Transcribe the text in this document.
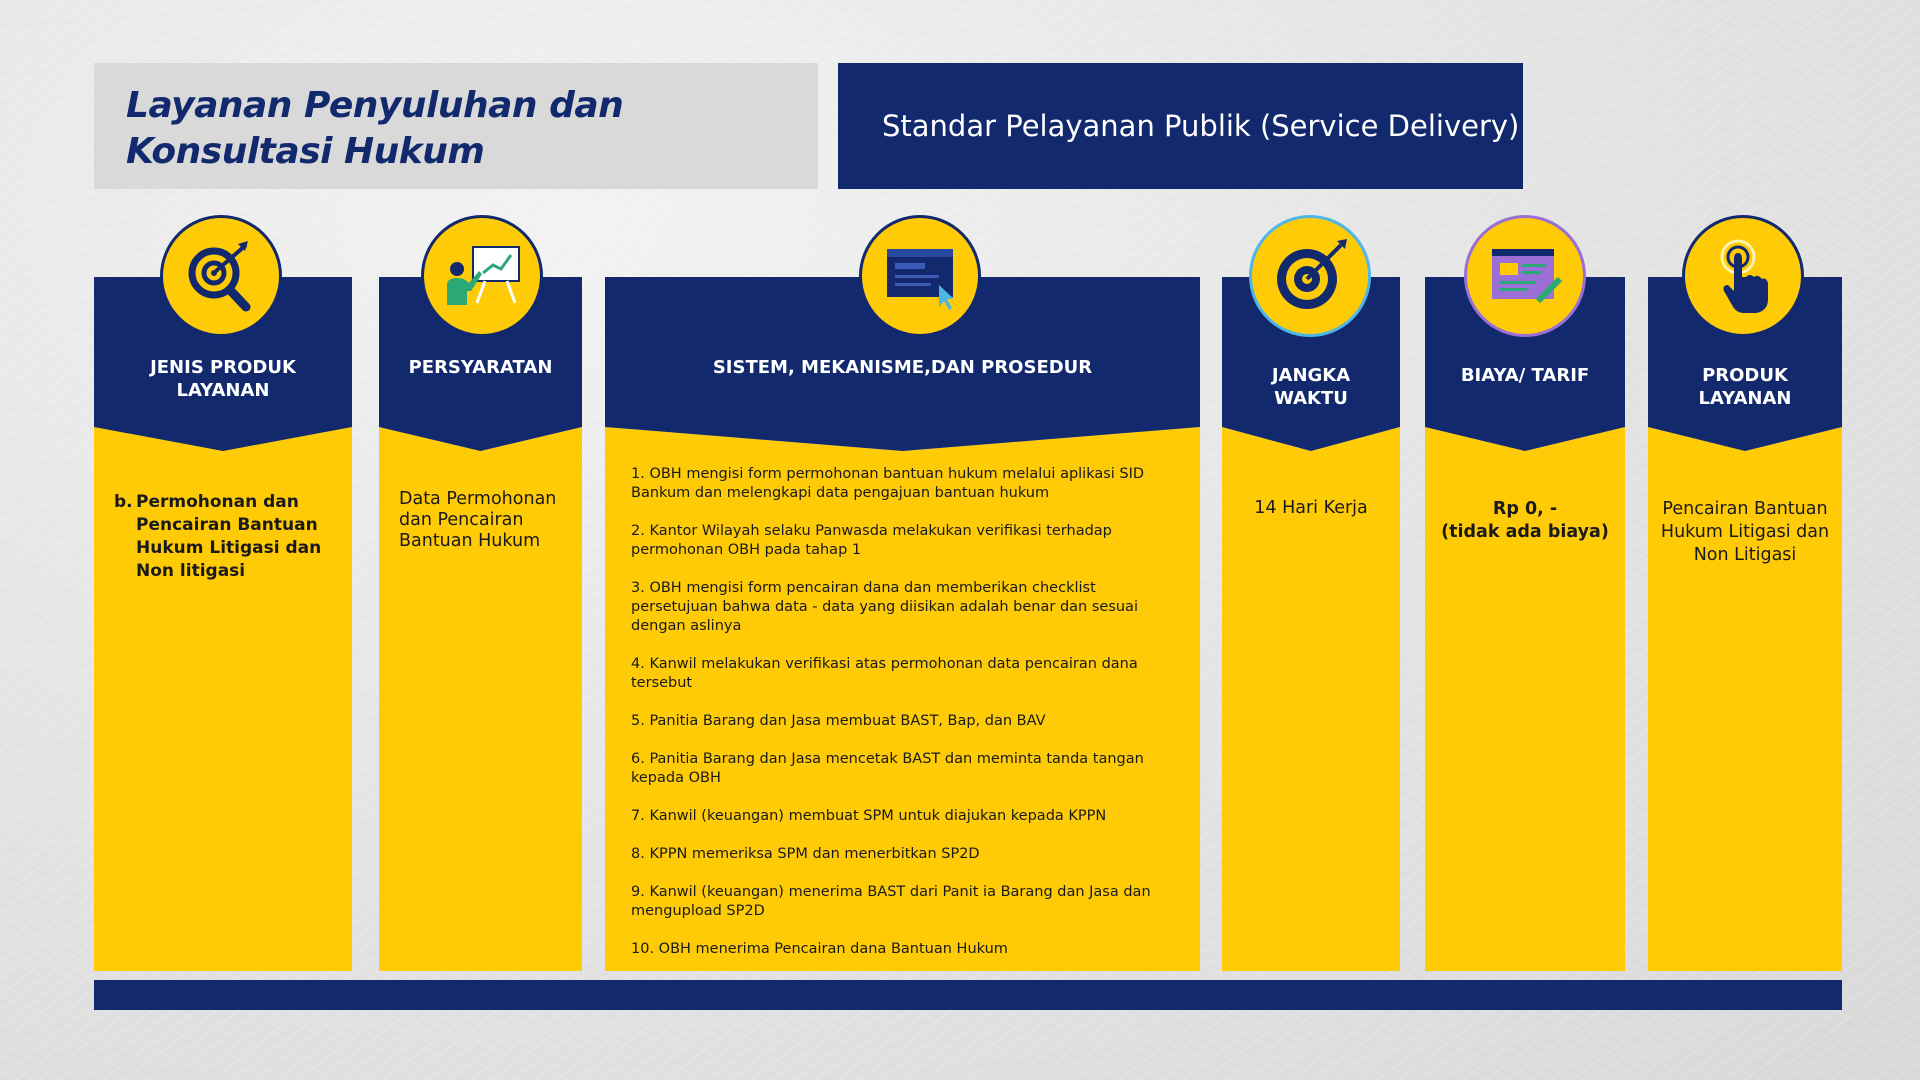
Layanan Penyuluhan dan Konsultasi Hukum
Standar Pelayanan Publik (Service Delivery)
JENIS PRODUK LAYANAN
b. Permohonan dan Pencairan Bantuan Hukum Litigasi dan Non litigasi
PERSYARATAN
Data Permohonan dan Pencairan Bantuan Hukum
SISTEM, MEKANISME,DAN PROSEDUR
1. OBH mengisi form permohonan bantuan hukum melalui aplikasi SID Bankum dan melengkapi data pengajuan bantuan hukum
2. Kantor Wilayah selaku Panwasda melakukan verifikasi terhadap permohonan OBH pada tahap 1
3. OBH mengisi form pencairan dana dan memberikan checklist persetujuan bahwa data - data yang diisikan adalah benar dan sesuai dengan aslinya
4. Kanwil melakukan verifikasi atas permohonan data pencairan dana tersebut
5. Panitia Barang dan Jasa membuat BAST, Bap, dan BAV
6. Panitia Barang dan Jasa mencetak BAST dan meminta tanda tangan kepada OBH
7. Kanwil (keuangan) membuat SPM untuk diajukan kepada KPPN
8. KPPN memeriksa SPM dan menerbitkan SP2D
9. Kanwil (keuangan) menerima BAST dari Panit ia Barang dan Jasa dan mengupload SP2D
10. OBH menerima Pencairan dana Bantuan Hukum
JANGKA WAKTU
14 Hari Kerja
BIAYA/ TARIF
Rp 0, -
(tidak ada biaya)
PRODUK LAYANAN
Pencairan Bantuan Hukum Litigasi dan Non Litigasi
